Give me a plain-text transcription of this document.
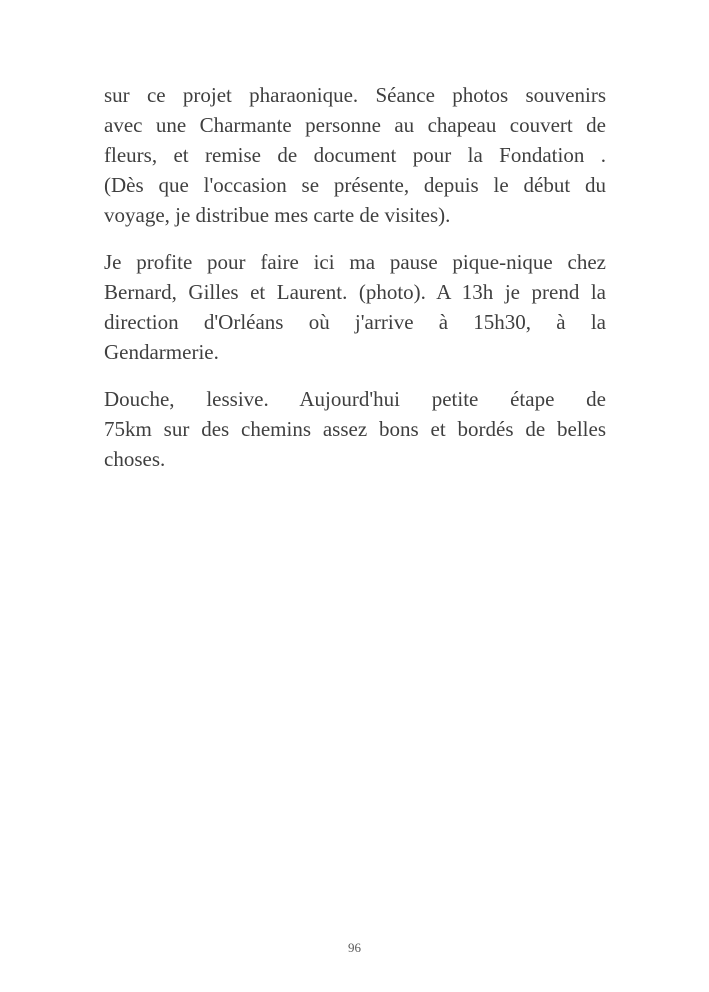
sur ce projet pharaonique. Séance photos souvenirs
avec une Charmante personne au chapeau couvert de
fleurs, et remise de document pour la Fondation .
(Dès que l'occasion se présente, depuis le début du
voyage, je distribue mes carte de visites).
Je profite pour faire ici ma pause pique-nique chez
Bernard, Gilles et Laurent. (photo). A 13h je prend la
direction d'Orléans où j'arrive à 15h30, à la
Gendarmerie.
Douche, lessive. Aujourd'hui petite étape de
75km sur des chemins assez bons et bordés de belles
choses.
96
